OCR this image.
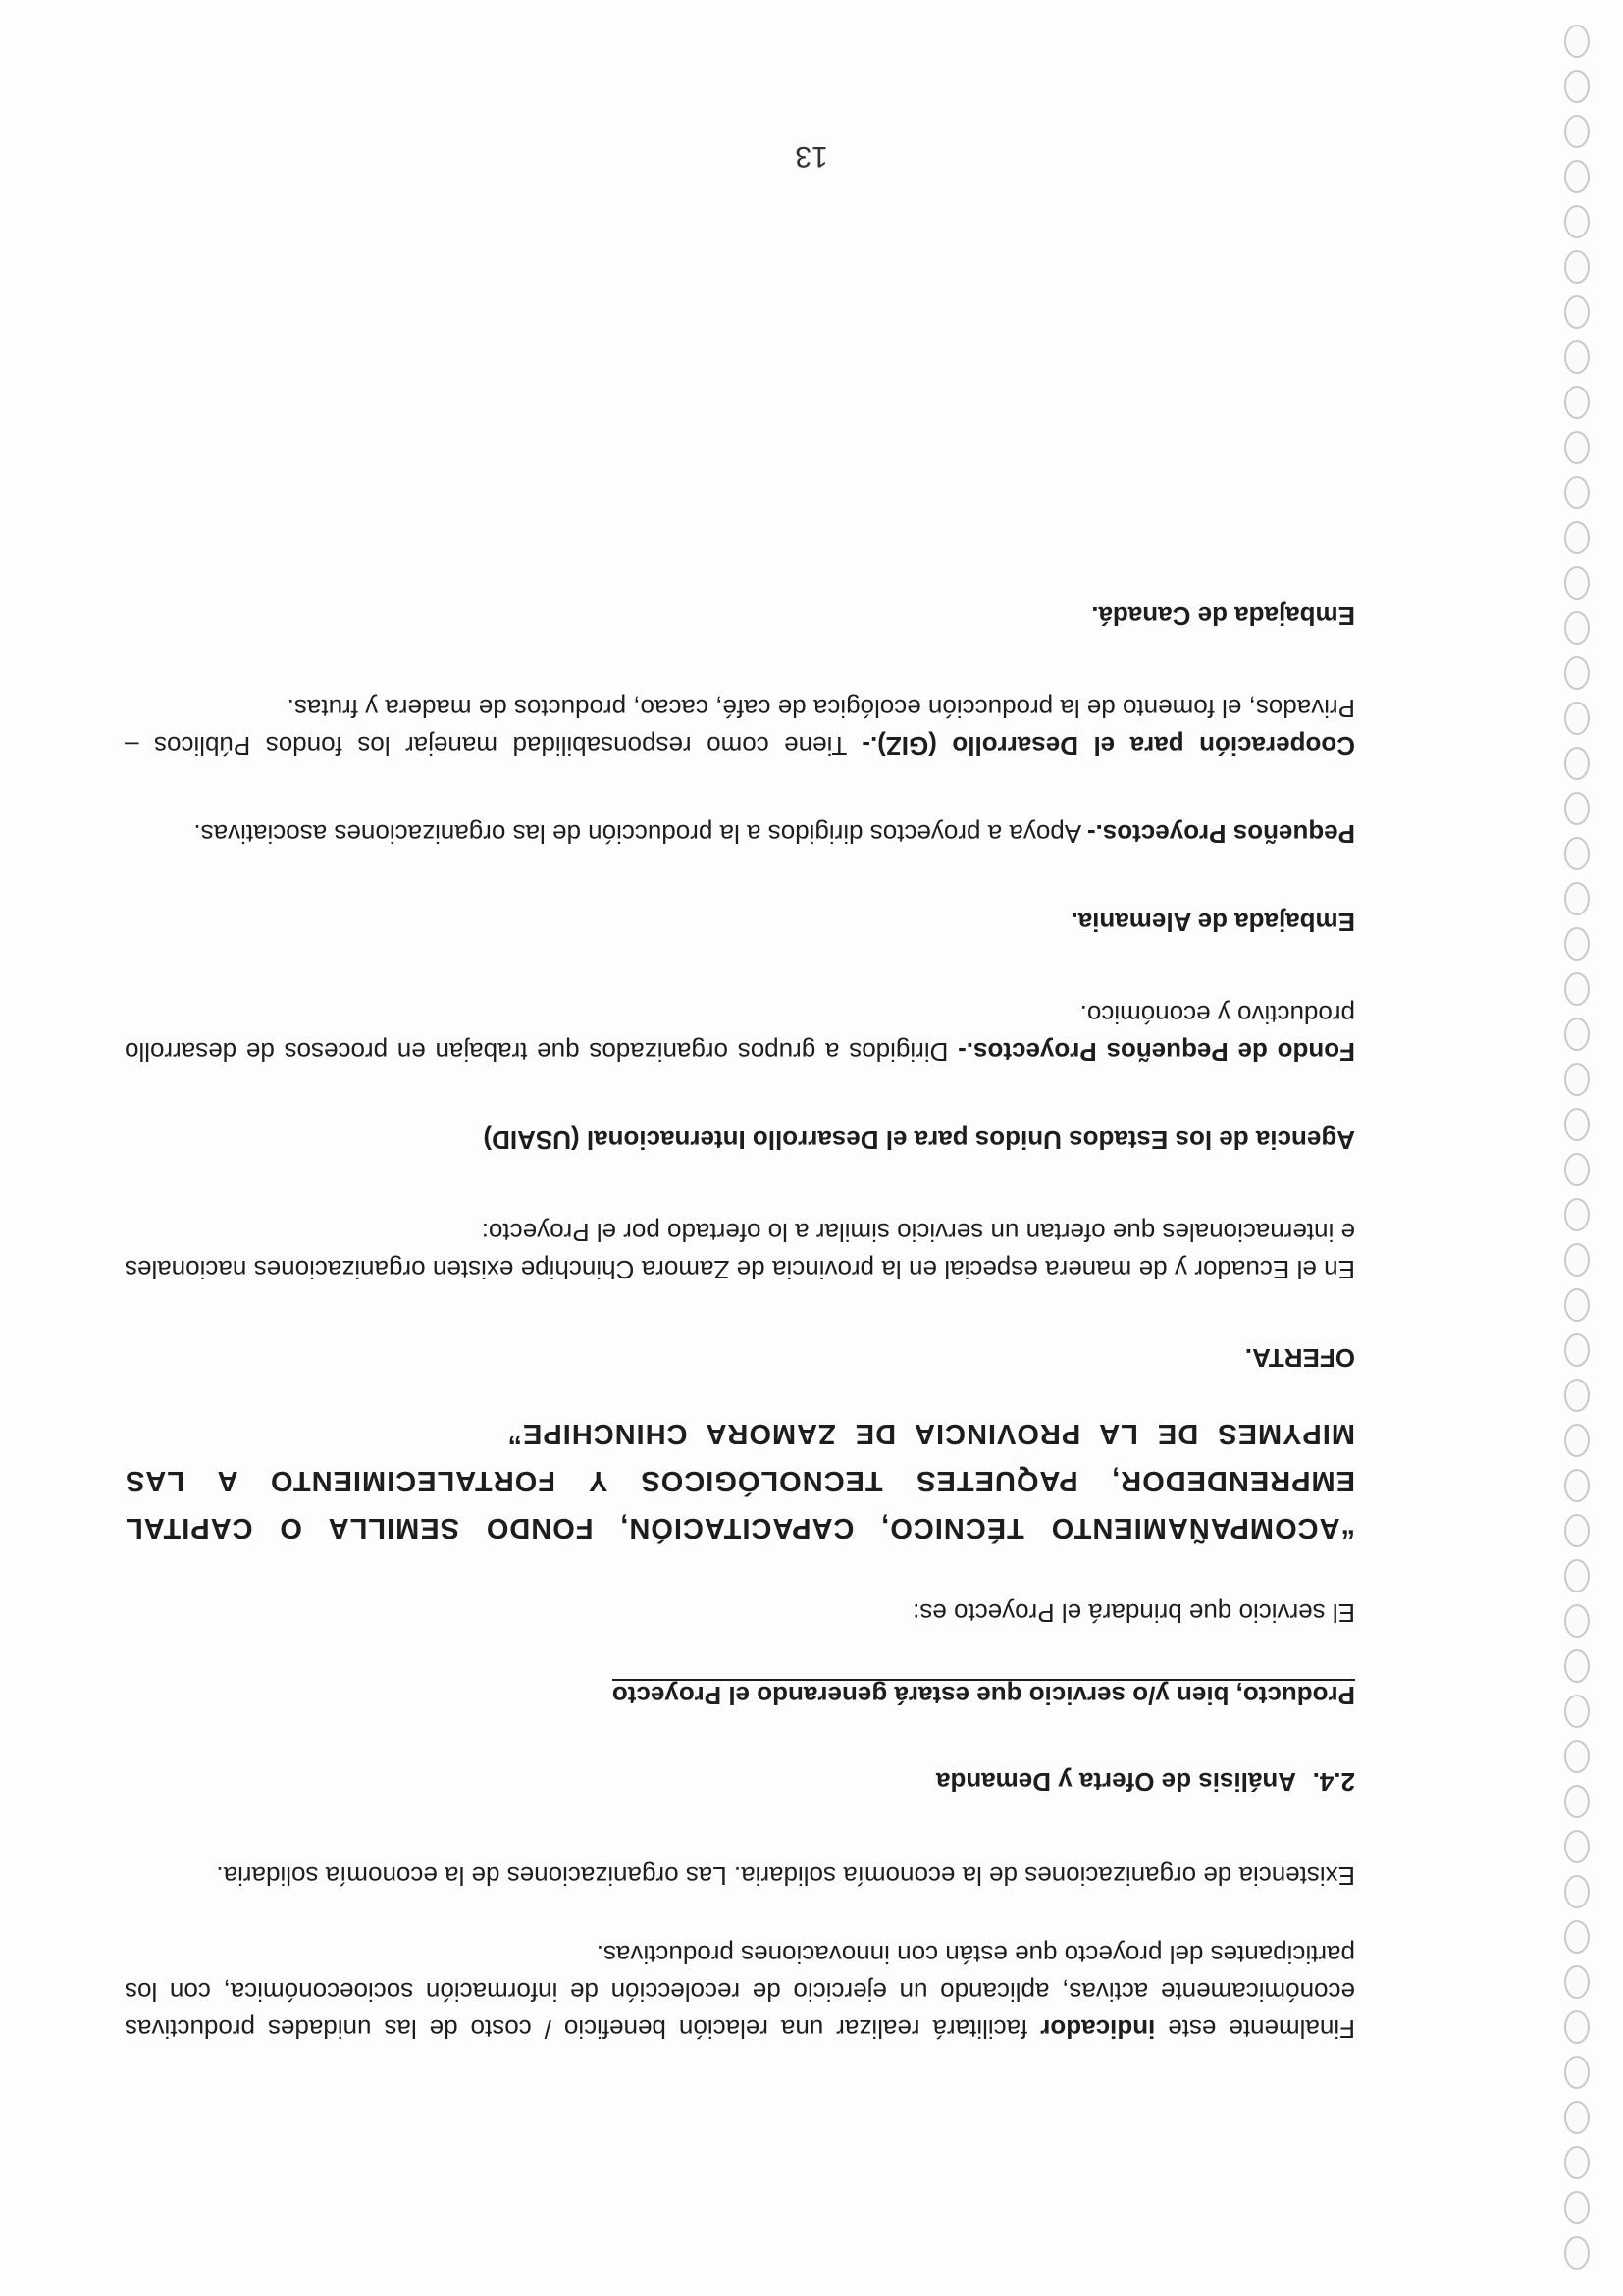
Finalmente este indicador facilitará realizar una relación beneficio / costo de las unidades productivas económicamente activas, aplicando un ejercicio de recolección de información socioeconómica, con los participantes del proyecto que están con innovaciones productivas.

Existencia de organizaciones de la economía solidaria. Las organizaciones de la economía solidaria.

2.4.
Análisis de Oferta y Demanda
Producto, bien y/o servicio que estará generando el Proyecto

El servicio que brindará el Proyecto es:

“ACOMPAÑAMIENTO TÉCNICO, CAPACITACIÓN, FONDO SEMILLA O CAPITAL EMPRENDEDOR, PAQUETES TECNOLÓGICOS Y FORTALECIMIENTO A LAS MIPYMES DE LA PROVINCIA DE ZAMORA CHINCHIPE”

OFERTA.

En el Ecuador y de manera especial en la provincia de Zamora Chinchipe existen organizaciones nacionales e internacionales que ofertan un servicio similar a lo ofertado por el Proyecto:

Agencia de los Estados Unidos para el Desarrollo Internacional (USAID)

Fondo de Pequeños Proyectos.- Dirigidos a grupos organizados que trabajan en procesos de desarrollo productivo y económico.

Embajada de Alemania.

Pequeños Proyectos.- Apoya a proyectos dirigidos a la producción de las organizaciones asociativas.

Cooperación para el Desarrollo (GIZ).- Tiene como responsabilidad manejar los fondos Públicos – Privados, el fomento de la producción ecológica de café, cacao, productos de madera y frutas.

Embajada de Canadá.

13
